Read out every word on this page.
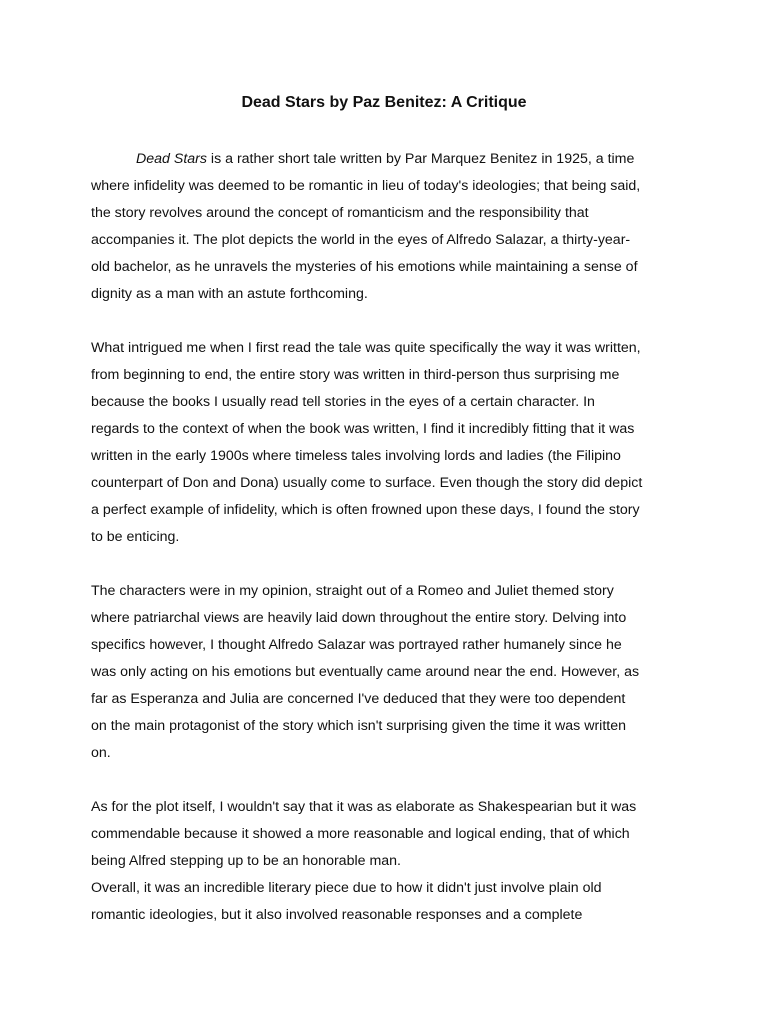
Dead Stars by Paz Benitez: A Critique
Dead Stars is a rather short tale written by Par Marquez Benitez in 1925, a time
where infidelity was deemed to be romantic in lieu of today's ideologies; that being said,
the story revolves around the concept of romanticism and the responsibility that
accompanies it. The plot depicts the world in the eyes of Alfredo Salazar, a thirty-year-
old bachelor, as he unravels the mysteries of his emotions while maintaining a sense of
dignity as a man with an astute forthcoming.
What intrigued me when I first read the tale was quite specifically the way it was written,
from beginning to end, the entire story was written in third-person thus surprising me
because the books I usually read tell stories in the eyes of a certain character. In
regards to the context of when the book was written, I find it incredibly fitting that it was
written in the early 1900s where timeless tales involving lords and ladies (the Filipino
counterpart of Don and Dona) usually come to surface. Even though the story did depict
a perfect example of infidelity, which is often frowned upon these days, I found the story
to be enticing.
The characters were in my opinion, straight out of a Romeo and Juliet themed story
where patriarchal views are heavily laid down throughout the entire story. Delving into
specifics however, I thought Alfredo Salazar was portrayed rather humanely since he
was only acting on his emotions but eventually came around near the end. However, as
far as Esperanza and Julia are concerned I've deduced that they were too dependent
on the main protagonist of the story which isn't surprising given the time it was written
on.
As for the plot itself, I wouldn't say that it was as elaborate as Shakespearian but it was
commendable because it showed a more reasonable and logical ending, that of which
being Alfred stepping up to be an honorable man.
Overall, it was an incredible literary piece due to how it didn't just involve plain old
romantic ideologies, but it also involved reasonable responses and a complete
